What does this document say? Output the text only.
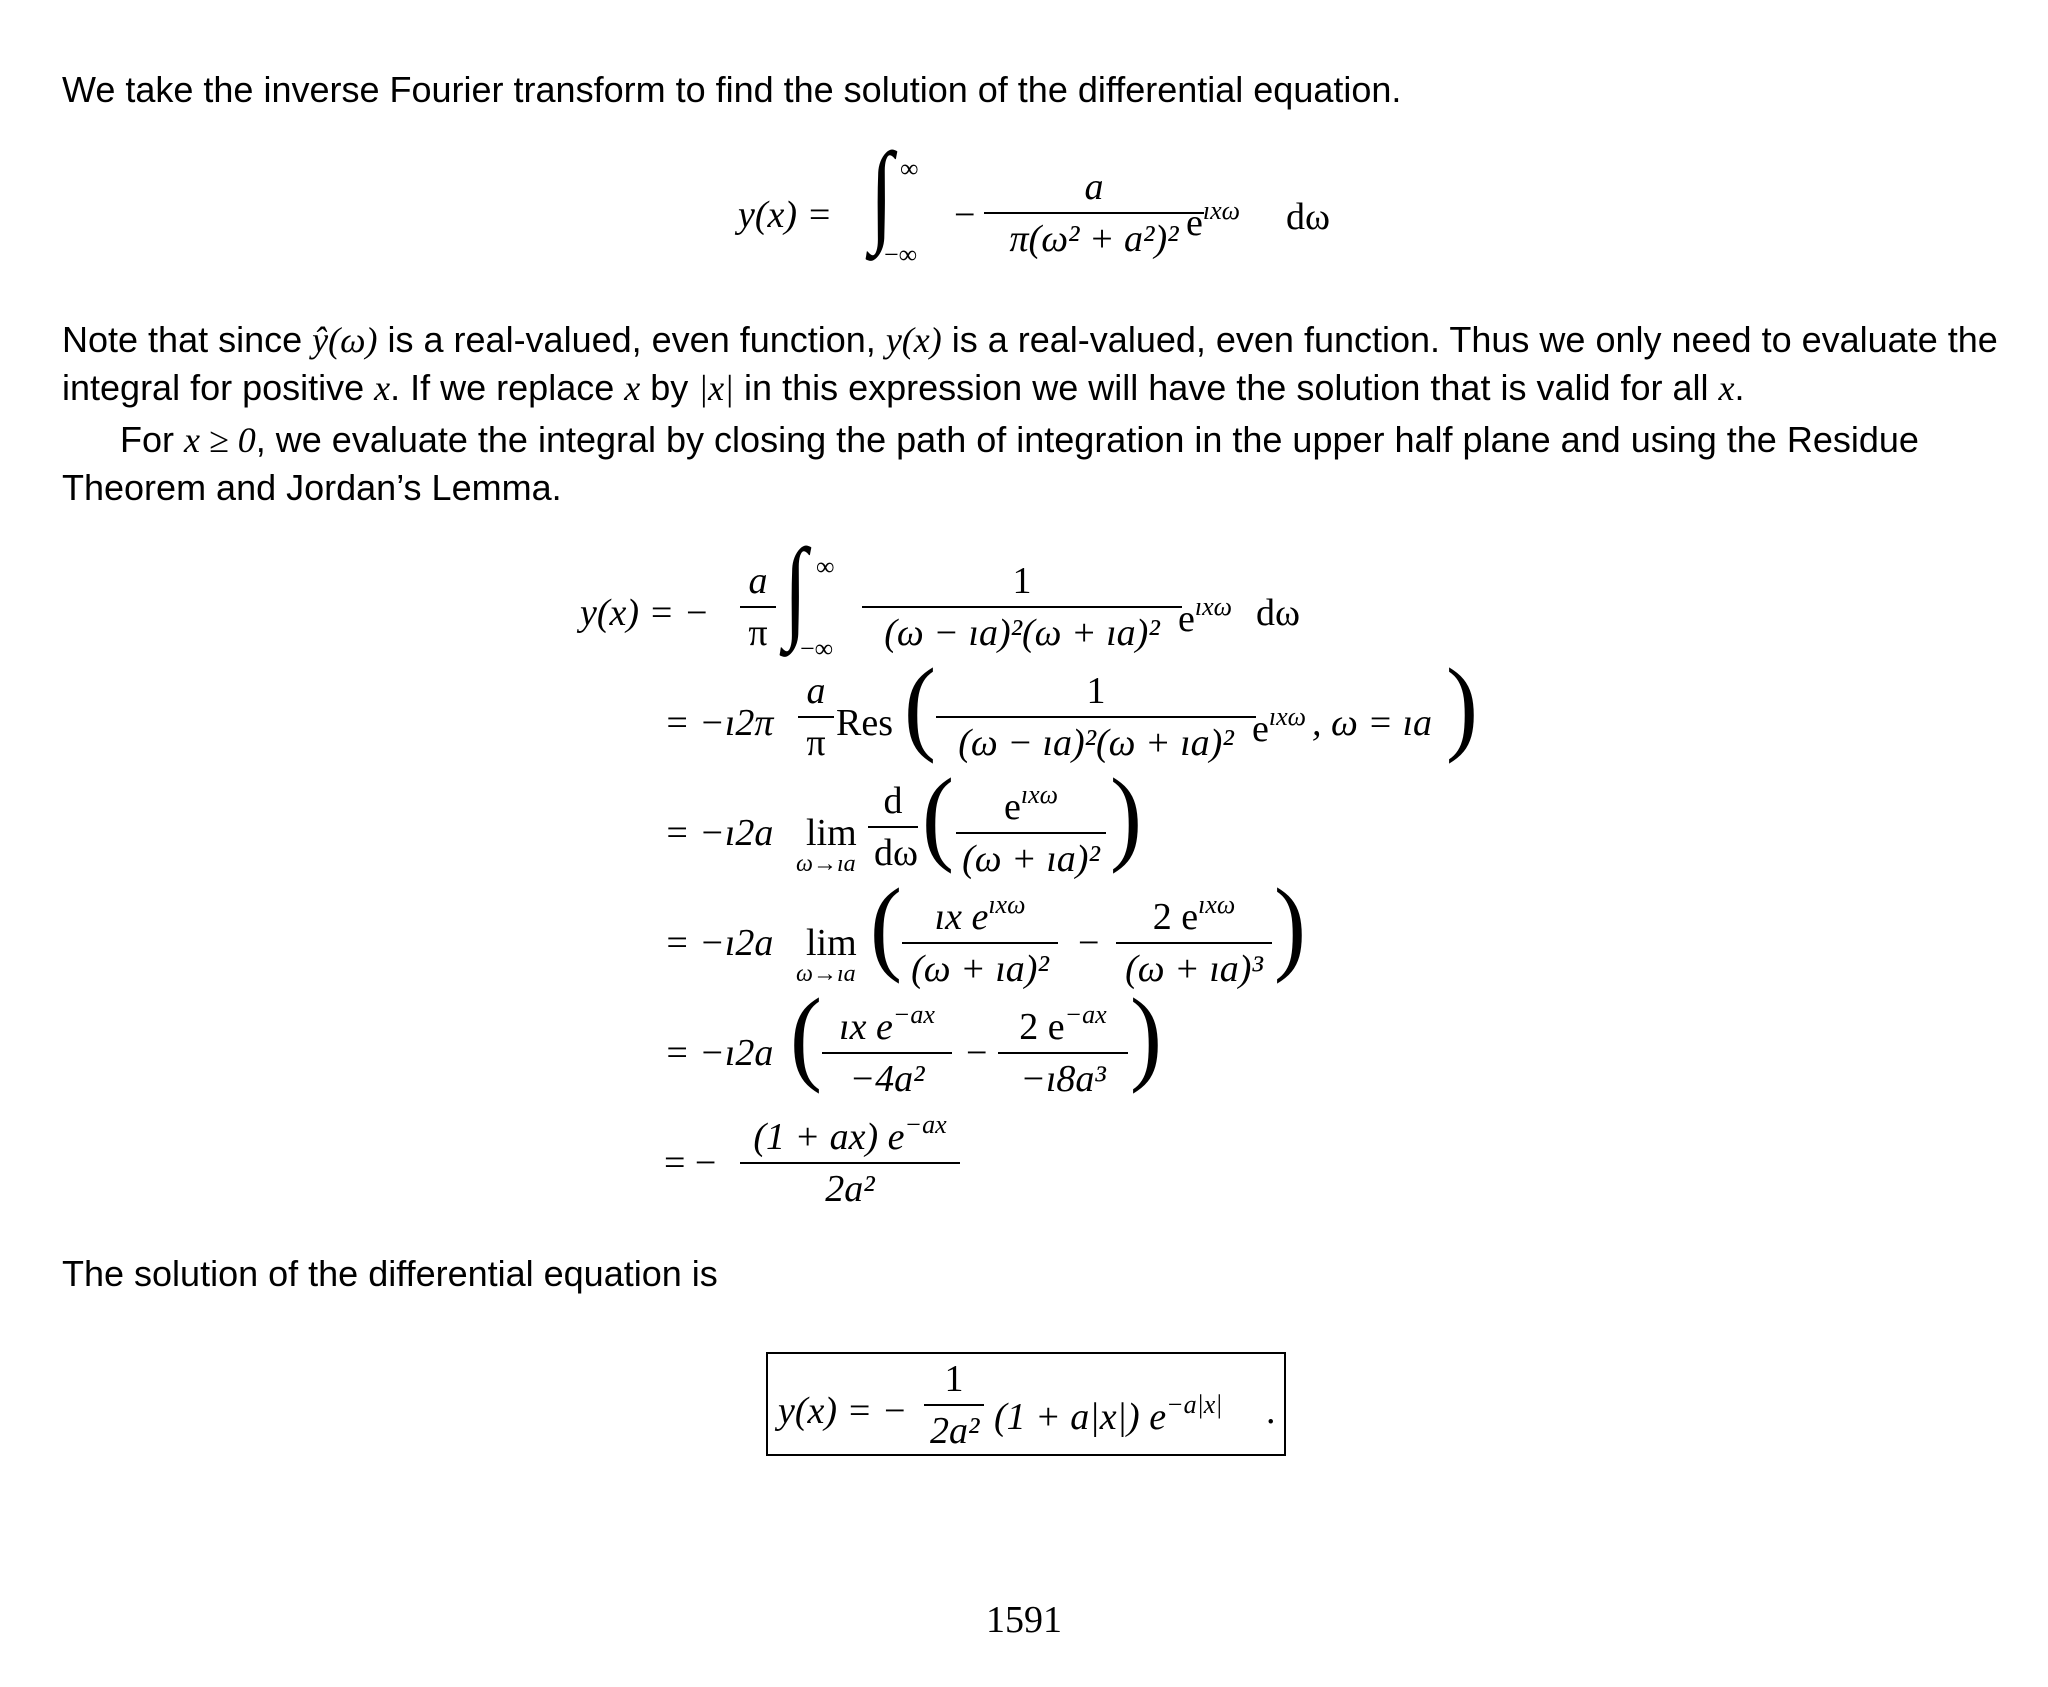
We take the inverse Fourier transform to find the solution of the differential equation.
y(x) = ∫ ∞
−∞
− $\frac{a}{\text{π(ω² + a²)²}}$
$e^{ıx\omega}$ dω
Note that since ŷ(ω) is a real-valued, even function, y(x) is a real-valued, even function. Thus we only need to evaluate the integral for positive x. If we replace x by |x| in this expression we will have the solution that is valid for all x.
For x ≥ 0, we evaluate the integral by closing the path of integration in the upper half plane and using the Residue Theorem and Jordan’s Lemma.
y(x) = − $\frac{a}{\pi}$ ∫ ∞
−∞ $\frac{1}{\text{(ω − ıa)²(ω + ıa)²}}$
$e^{ıx\omega}$ dω
= −ı2π $\frac{a}{\pi}$ Res ( $\frac{1}{\text{(ω − ıa)²(ω + ıa)²}}$
$e^{ıx\omega}$ , ω = ıa )
= −ı2a lim
ω→ıa $\frac{d}{d\omega}$ (	$e^{ıx\omega}$
(ω + ıa)² )
= −ı2a lim
ω→ıa ( ıx $e^{ıx\omega}$
(ω + ıa)²
−
2 $e^{ıx\omega}$
(ω + ıa)³ )
= −ı2a ( $\frac{ıx e^{-ax}}{\text{−4a²}} - \frac{2 e^{-ax}}{\text{−ı8a³}}$ )
= − $\frac{(1 + ax) e^{-ax}}{\text{2a²}}$
The solution of the differential equation is
y(x) = − $\frac{1}{\text{2a²}} (1 + a|x|)$ $e^{-a|x|}$ .
1591
